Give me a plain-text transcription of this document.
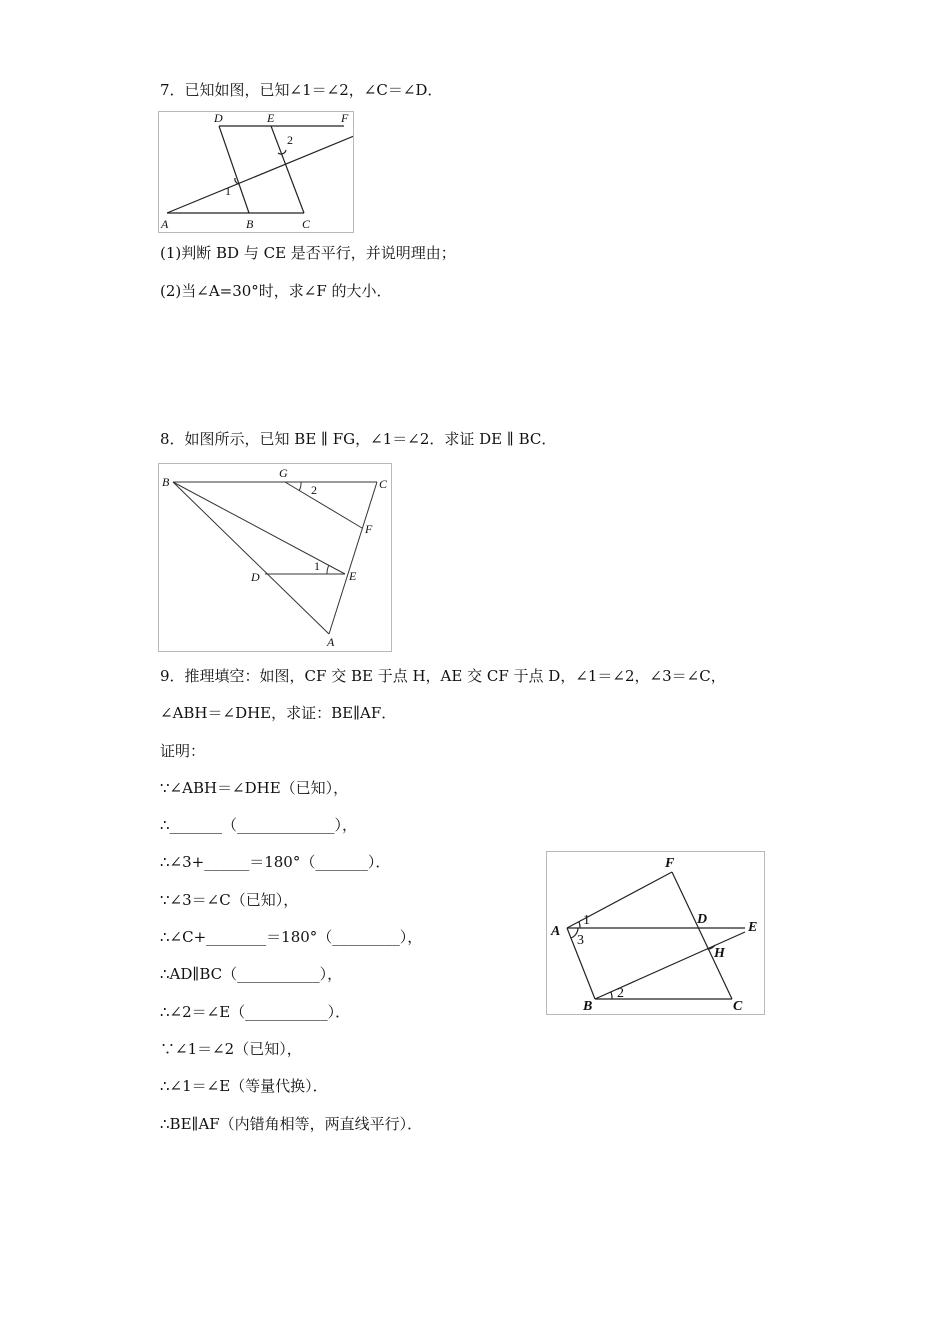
7．已知如图，已知∠1＝∠2，∠C＝∠D．
D	E	F
A	B	C
1
2
(1)判断 BD 与 CE 是否平行，并说明理由；
(2)当∠A=30°时，求∠F 的大小．
8．如图所示，已知 BE ∥ FG，∠1＝∠2．求证 DE ∥ BC．
B
G
C
F
E
D
A
1
2
9．推理填空：如图，CF 交 BE 于点 H，AE 交 CF 于点 D，∠1＝∠2，∠3＝∠C，
∠ABH＝∠DHE，求证：BE∥AF．
证明：
∵∠ABH＝∠DHE（已知），
∴_______（_____________），
∴∠3+______＝180°（_______）．
∵∠3＝∠C（已知），
∴∠C+________＝180°（_________），
∴AD∥BC（___________），
∴∠2＝∠E（___________）．
∵∠1＝∠2（已知），
∴∠1＝∠E（等量代换）．
∴BE∥AF（内错角相等，两直线平行）．
F
A
D
E
H
B	C
1
3
2
